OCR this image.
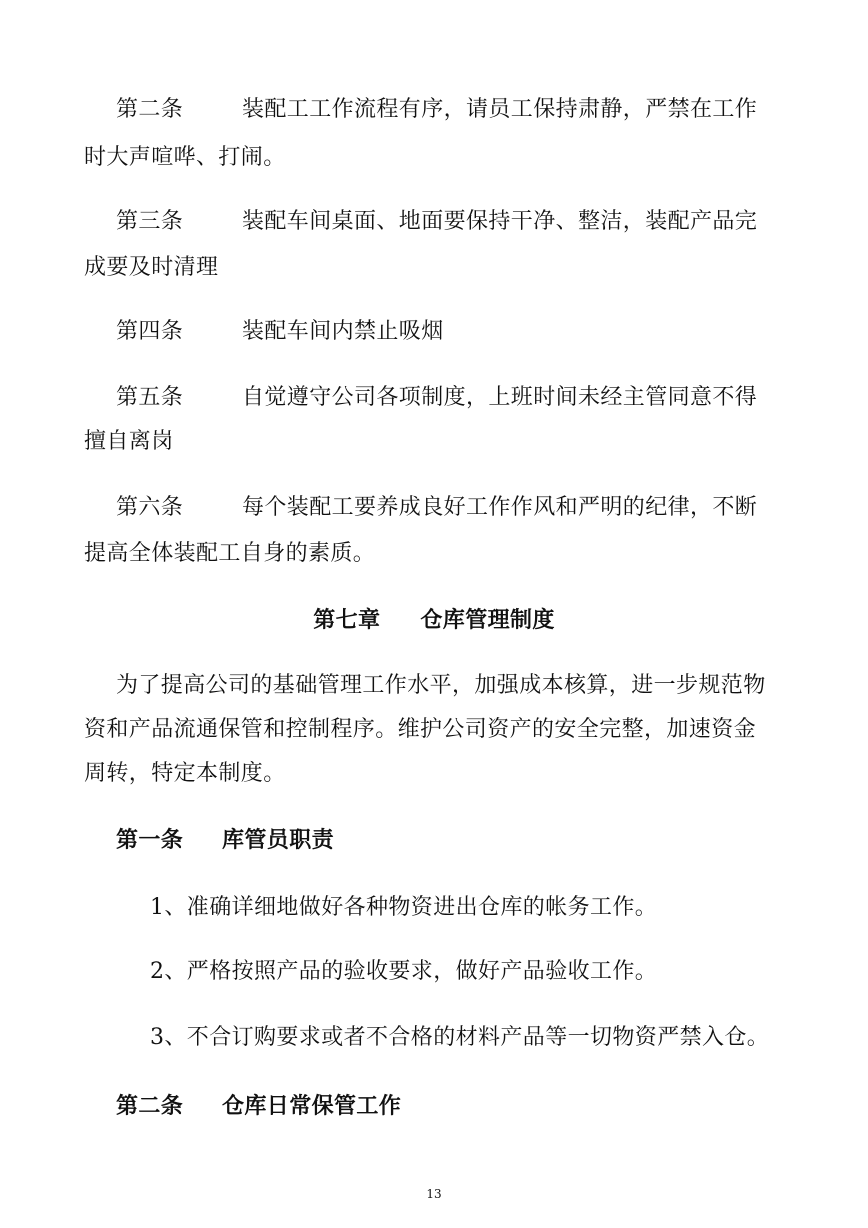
第二条	装配工工作流程有序，请员工保持肃静，严禁在工作
时大声喧哗、打闹。
第三条	装配车间桌面、地面要保持干净、整洁，装配产品完
成要及时清理
第四条	装配车间内禁止吸烟
第五条	自觉遵守公司各项制度，上班时间未经主管同意不得
擅自离岗
第六条	每个装配工要养成良好工作作风和严明的纪律，不断
提高全体装配工自身的素质。
第七章 仓库管理制度
为了提高公司的基础管理工作水平，加强成本核算，进一步规范物
资和产品流通保管和控制程序。维护公司资产的安全完整，加速资金
周转，特定本制度。
第一条 库管员职责
1、准确详细地做好各种物资进出仓库的帐务工作。
2、严格按照产品的验收要求，做好产品验收工作。
3、不合订购要求或者不合格的材料产品等一切物资严禁入仓。
第二条 仓库日常保管工作
13
